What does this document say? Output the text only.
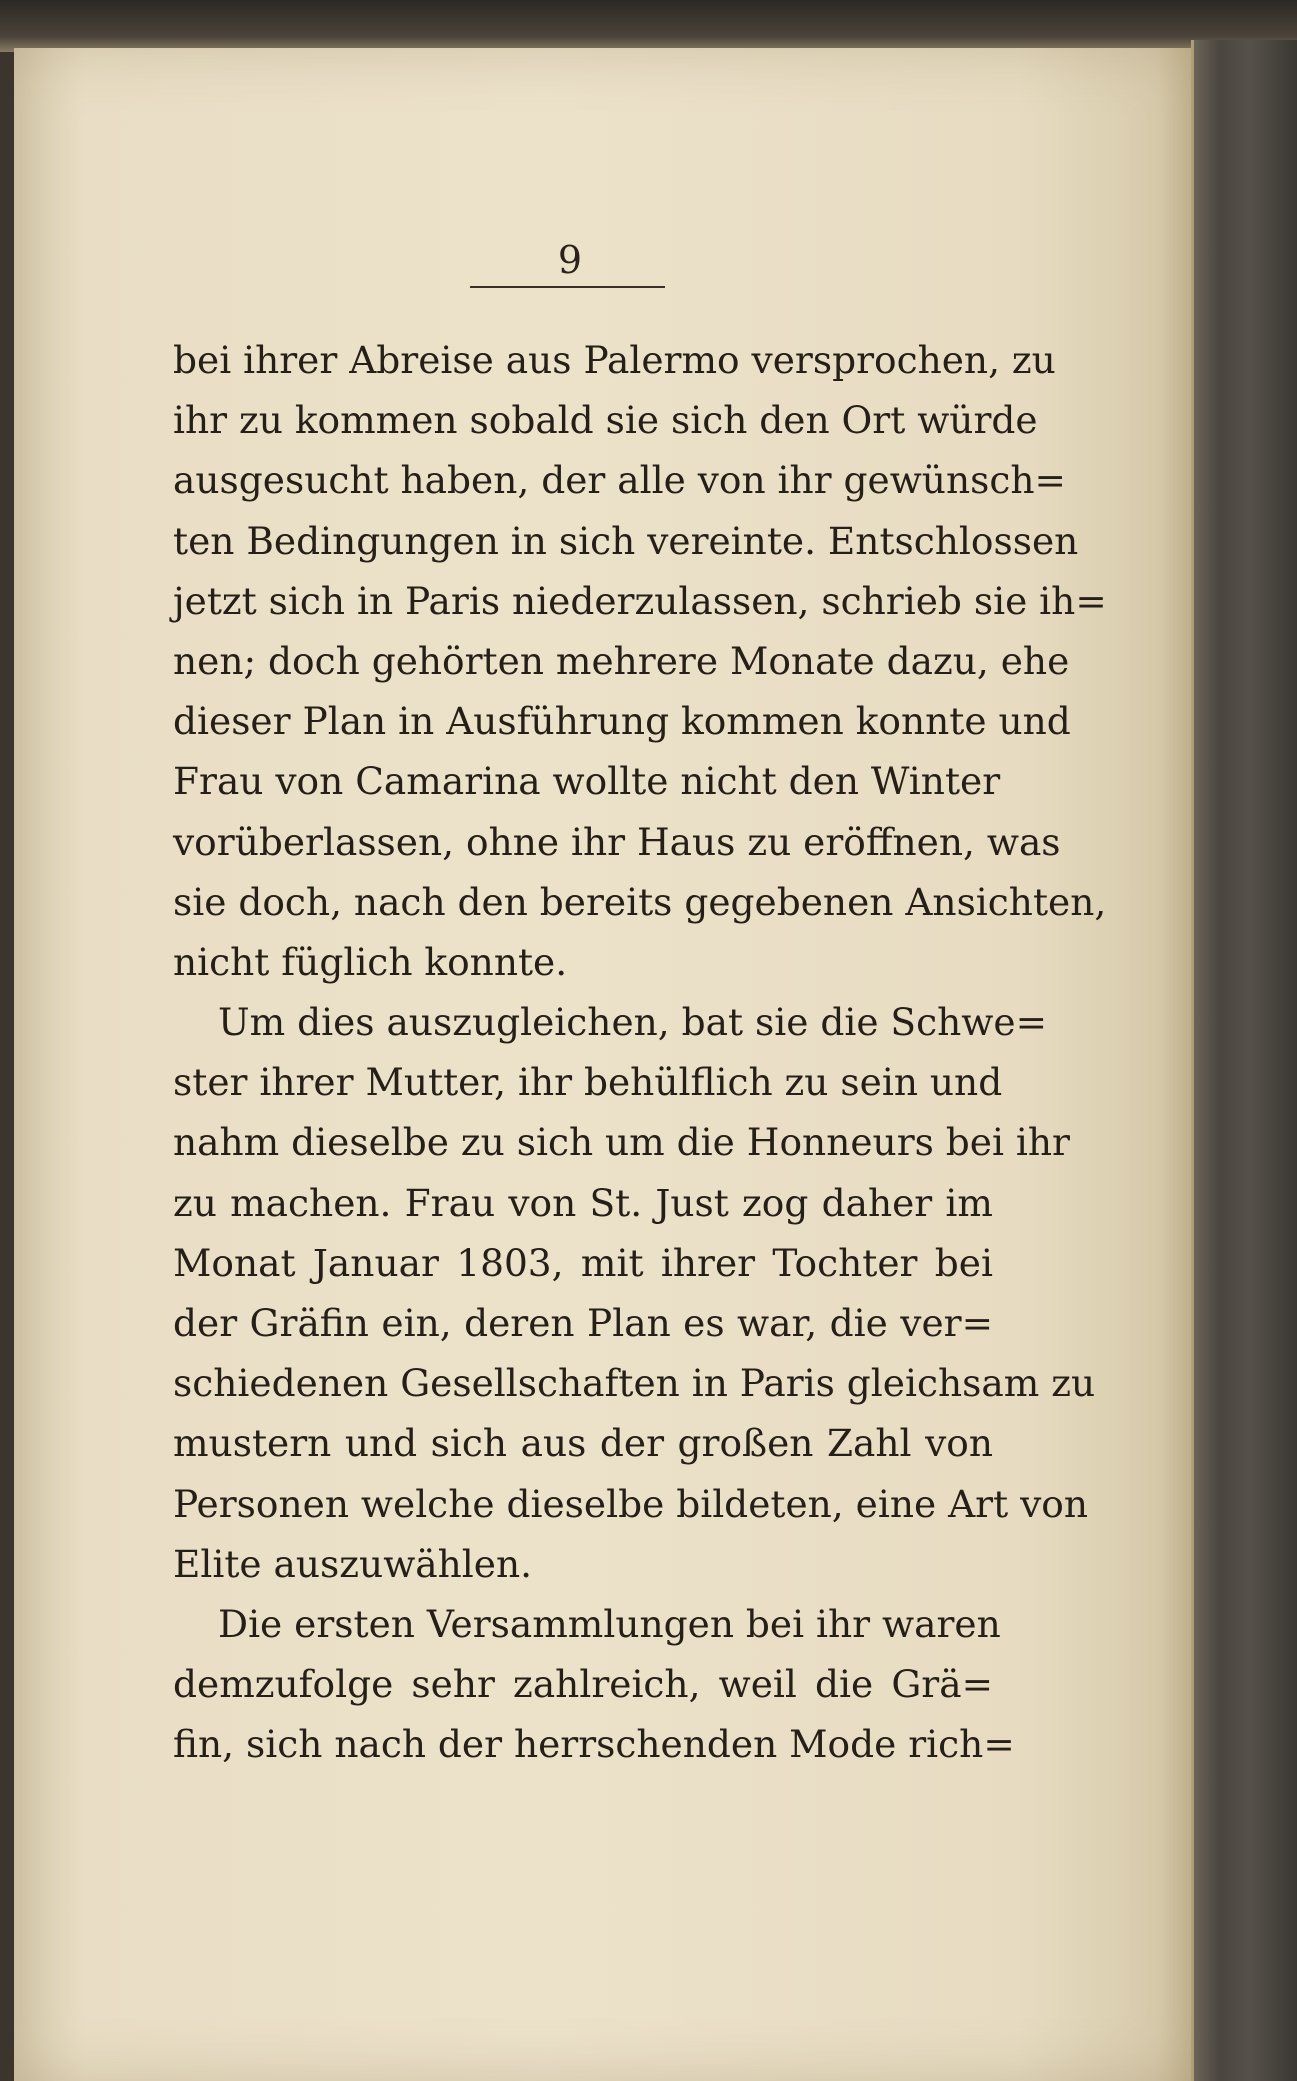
9
bei ihrer Abreise aus Palermo versprochen, zu
ihr zu kommen sobald sie sich den Ort würde
ausgesucht haben, der alle von ihr gewünsch=
ten Bedingungen in sich vereinte. Entschlossen
jetzt sich in Paris niederzulassen, schrieb sie ih=
nen; doch gehörten mehrere Monate dazu, ehe
dieser Plan in Ausführung kommen konnte und
Frau von Camarina wollte nicht den Winter
vorüberlassen, ohne ihr Haus zu eröffnen, was
sie doch, nach den bereits gegebenen Ansichten,
nicht füglich konnte.
Um dies auszugleichen, bat sie die Schwe=
ster ihrer Mutter, ihr behülflich zu sein und
nahm dieselbe zu sich um die Honneurs bei ihr
zu machen. Frau von St. Just zog daher im
Monat Januar 1803, mit ihrer Tochter bei
der Gräfin ein, deren Plan es war, die ver=
schiedenen Gesellschaften in Paris gleichsam zu
mustern und sich aus der großen Zahl von
Personen welche dieselbe bildeten, eine Art von
Elite auszuwählen.
Die ersten Versammlungen bei ihr waren
demzufolge sehr zahlreich, weil die Grä=
fin, sich nach der herrschenden Mode rich=
